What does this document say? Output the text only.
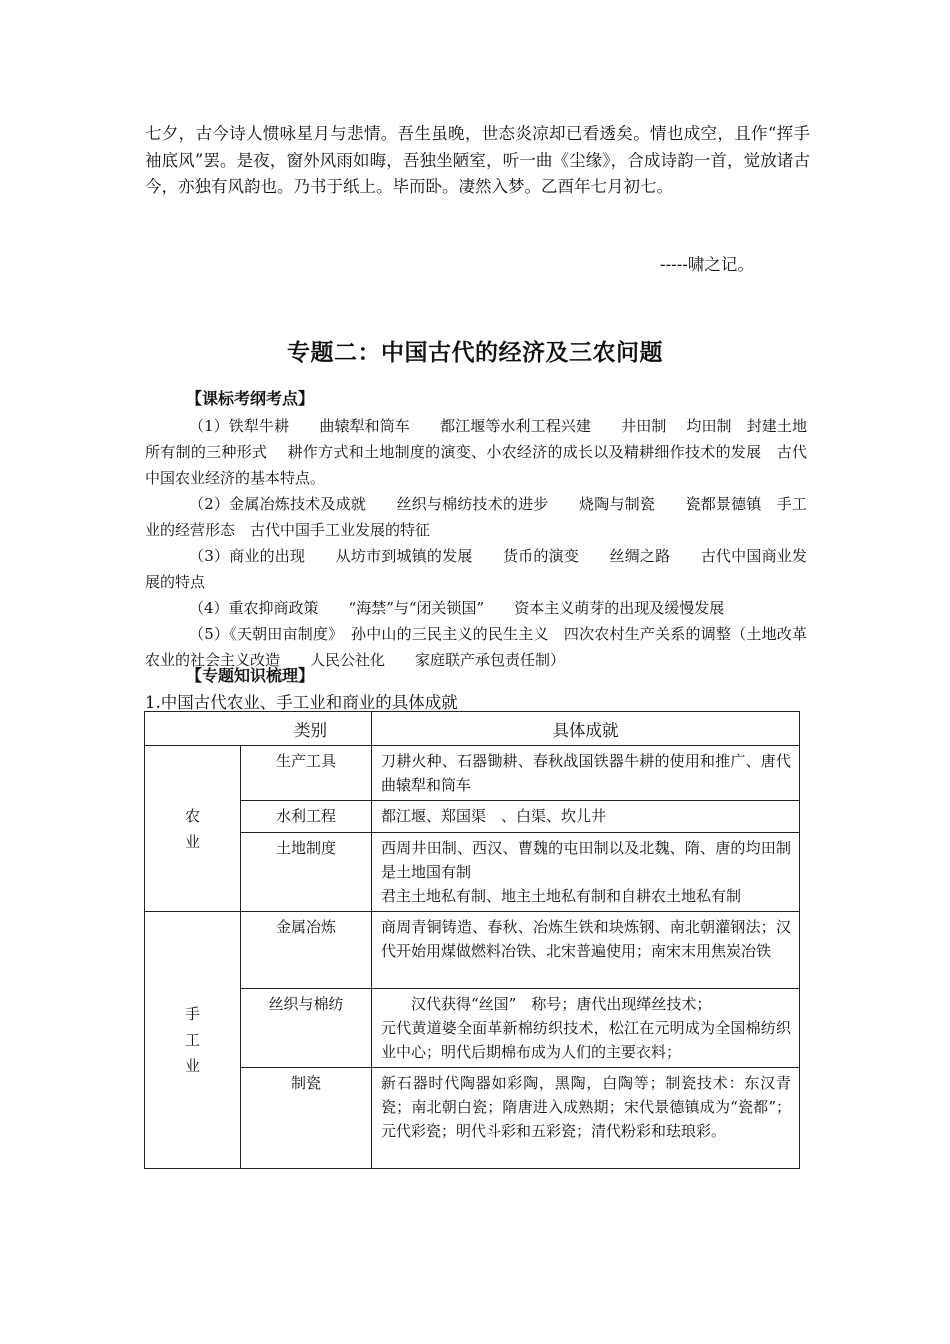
七夕，古今诗人惯咏星月与悲情。吾生虽晚，世态炎凉却已看透矣。情也成空，且作“挥手袖底风”罢。是夜，窗外风雨如晦，吾独坐陋室，听一曲《尘缘》，合成诗韵一首，觉放诸古今，亦独有风韵也。乃书于纸上。毕而卧。凄然入梦。乙酉年七月初七。

-----啸之记。
专题二：中国古代的经济及三农问题
【课标考纲考点】

（1）铁犁牛耕　　曲辕犁和筒车　　都江堰等水利工程兴建　　井田制　 均田制　封建土地所有制的三种形式　 耕作方式和土地制度的演变、小农经济的成长以及精耕细作技术的发展　古代中国农业经济的基本特点。

（2）金属冶炼技术及成就　　丝织与棉纺技术的进步　　烧陶与制瓷　　瓷都景德镇　手工业的经营形态　古代中国手工业发展的特征

（3）商业的出现　　从坊市到城镇的发展　　货币的演变　　丝绸之路　　古代中国商业发展的特点

（4）重农抑商政策　　“海禁”与“闭关锁国”　　资本主义萌芽的出现及缓慢发展

（5）《天朝田亩制度》　孙中山的三民主义的民生主义　四次农村生产关系的调整（土地改革　农业的社会主义改造　　人民公社化　　家庭联产承包责任制）

【专题知识梳理】
1.中国古代农业、手工业和商业的具体成就
类别		具体成就

农
业	生产工具	刀耕火种、石器锄耕、春秋战国铁器牛耕的使用和推广、唐代曲辕犁和筒车

	水利工程	都江堰、郑国渠　、白渠、坎儿井

	土地制度	西周井田制、西汉、曹魏的屯田制以及北魏、隋、唐的均田制是土地国有制

君主土地私有制、地主土地私有制和自耕农土地私有制

手
工
业	金属冶炼	商周青铜铸造、春秋、冶炼生铁和块炼钢、南北朝灌钢法；汉代开始用煤做燃料冶铁、北宋普遍使用；南宋末用焦炭冶铁

	丝织与棉纺	　　汉代获得“丝国”　称号；唐代出现缂丝技术；

元代黄道婆全面革新棉纺织技术，松江在元明成为全国棉纺织业中心；明代后期棉布成为人们的主要衣料；

	制瓷	新石器时代陶器如彩陶，黑陶，白陶等；制瓷技术：东汉青瓷；南北朝白瓷；隋唐进入成熟期；宋代景德镇成为“瓷都”；元代彩瓷；明代斗彩和五彩瓷；清代粉彩和珐琅彩。
